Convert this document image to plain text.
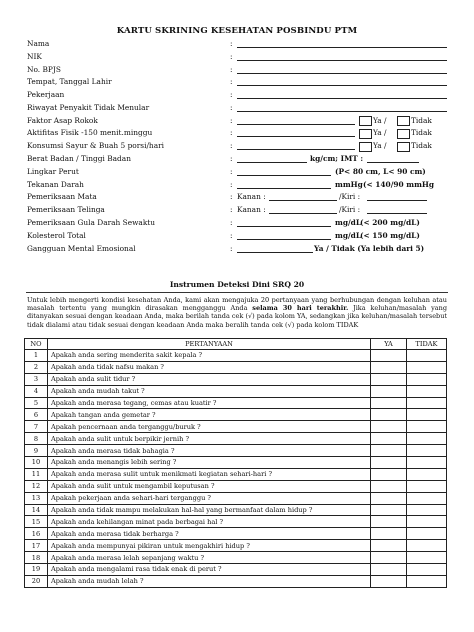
KARTU SKRINING KESEHATAN POSBINDU PTM
Nama	:
NIK	:
No. BPJS	:
Tempat, Tanggal Lahir	:
Pekerjaan	:
Riwayat Penyakit Tidak Menular	:
Faktor Asap Rokok	:	Ya /	Tidak
Aktifitas Fisik -150 menit.minggu	:	Ya /	Tidak
Konsumsi Sayur & Buah 5 porsi/hari	:	Ya /	Tidak
Berat Badan / Tinggi Badan	:	kg/cm; IMT :
Lingkar Perut	:	(P< 80 cm, L< 90 cm)
Tekanan Darah	:	mmHg (< 140/90 mmHg
Pemeriksaan Mata	: Kanan :	/Kiri :
Pemeriksaan Telinga	: Kanan :	/Kiri :
Pemeriksaan Gula Darah Sewaktu	:	mg/dL
(< 200 mg/dL)
Kolesterol Total	:	mg/dL
(< 150 mg/dL)
Gangguan Mental Emosional	:	Ya / Tidak (Ya lebih dari 5)
Instrumen Deteksi Dini SRQ 20
Untuk lebih mengerti kondisi kesehatan Anda, kami akan mengajuka 20 pertanyaan yang berhubungan dengan keluhan atau masalah tertentu yang mungkin dirasakan mengganggu Anda selama 30 hari terakhir. Jika keluhan/masalah yang ditanyakan sesuai dengan keadaan Anda, maka berilah tanda cek (√) pada kolom YA, sedangkan jika keluhan/masalah tersebut tidak dialami atau tidak sesuai dengan keadaan Anda maka beralih tanda cek (√) pada kolom TIDAK
NO	PERTANYAAN	YA	TIDAK
1	Apakah anda sering menderita sakit kepala ?		
2	Apakah anda tidak nafsu makan ?		
3	Apakah anda sulit tidur ?		
4	Apakah anda mudah takut ?		
5	Apakah anda merasa tegang, cemas atau kuatir ?		
6	Apakah tangan anda gemetar ?		
7	Apakah pencernaan anda terganggu/buruk ?		
8	Apakah anda sulit untuk berpikir jernih ?		
9	Apakah anda merasa tidak bahagia ?		
10	Apakah anda menangis lebih sering ?		
11	Apakah anda merasa sulit untuk menikmati kegiatan sehari-hari ?		
12	Apakah anda sulit untuk mengambil keputusan ?		
13	Apakah pekerjaan anda sehari-hari terganggu ?		
14	Apakah anda tidak mampu melakukan hal-hal yang bermanfaat dalam hidup ?		
15	Apakah anda kehilangan minat pada berbagai hal ?		
16	Apakah anda merasa tidak berharga ?		
17	Apakah anda mempunyai pikiran untuk mengakhiri hidup ?		
18	Apakah anda merasa lelah sepanjang waktu ?		
19	Apakah anda mengalami rasa tidak enak di perut ?		
20	Apakah anda mudah lelah ?		
